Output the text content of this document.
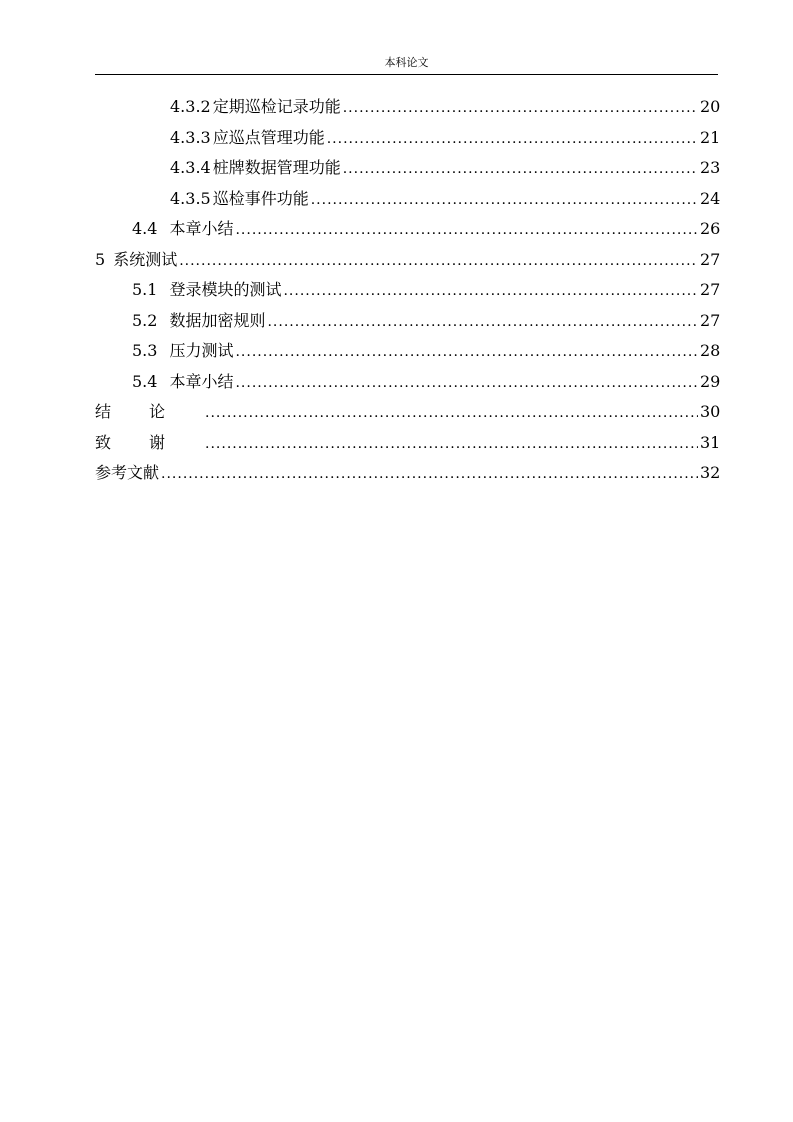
本科论文
4.3.2 定期巡检记录功能 .....	20
4.3.3 应巡点管理功能 .....	21
4.3.4 桩牌数据管理功能 .....	23
4.3.5 巡检事件功能 .....	24
4.4 本章小结 .....	26
5 系统测试 .....	27
5.1 登录模块的测试 .....	27
5.2 数据加密规则 .....	27
5.3 压力测试 .....	28
5.4 本章小结 .....	29
结论 .....	30
致谢 .....	31
参考文献 .....	32
